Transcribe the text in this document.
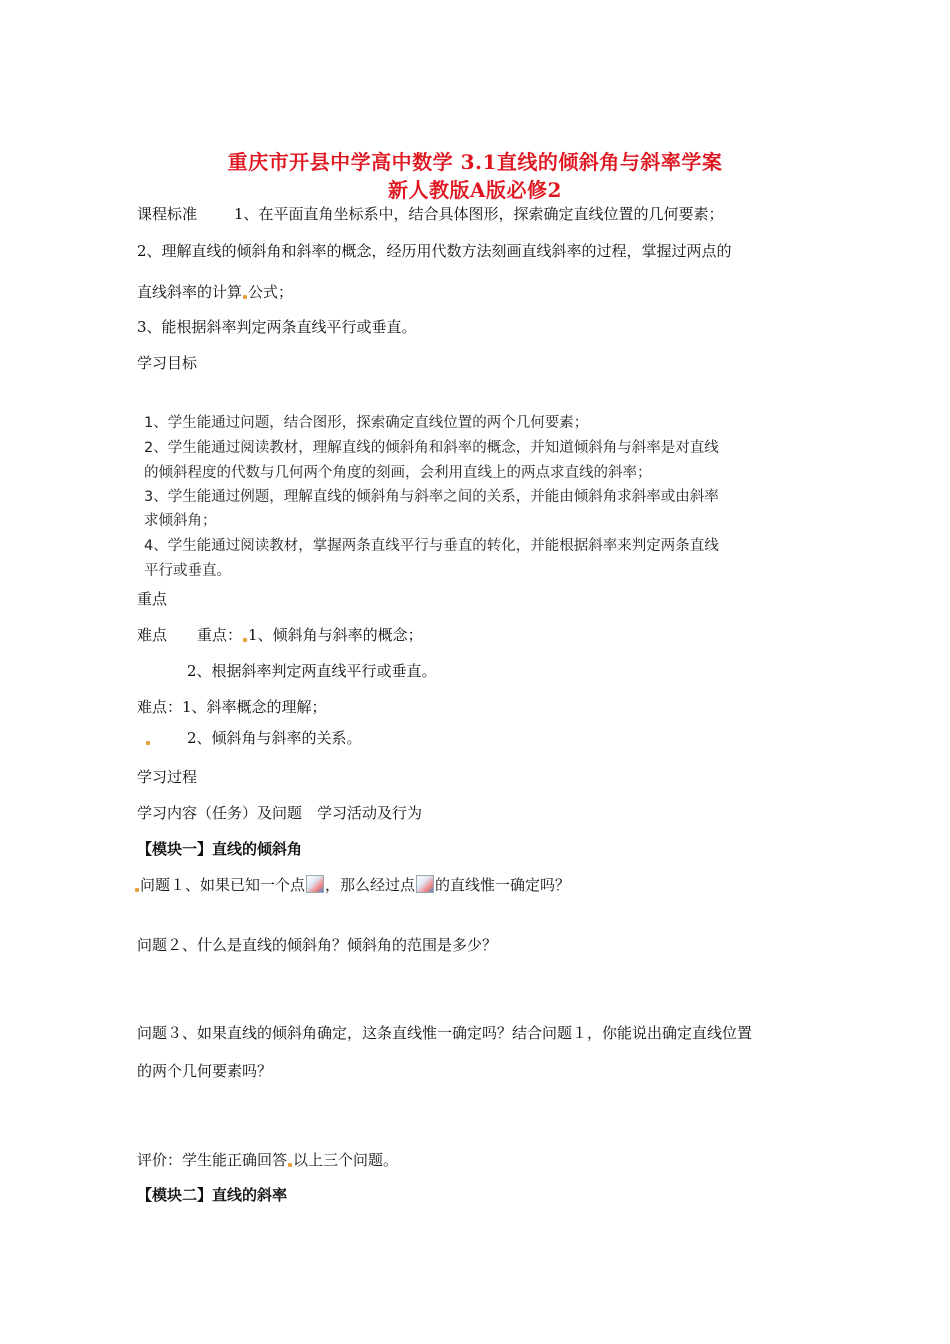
重庆市开县中学高中数学 3.1直线的倾斜角与斜率学案
新人教版A版必修2
课程标准 1、在平面直角坐标系中，结合具体图形，探索确定直线位置的几何要素；
2、理解直线的倾斜角和斜率的概念，经历用代数方法刻画直线斜率的过程，掌握过两点的
直线斜率的计算 公式；
3、能根据斜率判定两条直线平行或垂直。
学习目标
1、学生能通过问题，结合图形，探索确定直线位置的两个几何要素；
2、学生能通过阅读教材，理解直线的倾斜角和斜率的概念，并知道倾斜角与斜率是对直线
的倾斜程度的代数与几何两个角度的刻画，会利用直线上的两点求直线的斜率；
3、学生能通过例题，理解直线的倾斜角与斜率之间的关系，并能由倾斜角求斜率或由斜率
求倾斜角；
4、学生能通过阅读教材，掌握两条直线平行与垂直的转化，并能根据斜率来判定两条直线
平行或垂直。
重点
难点 重点： 1、倾斜角与斜率的概念；
2、根据斜率判定两直线平行或垂直。
难点：1、斜率概念的理解；
2、倾斜角与斜率的关系。
学习过程
学习内容（任务）及问题　学习活动及行为
【模块一】直线的倾斜角
问题１、如果已知一个点 ，那么经过点 的直线惟一确定吗？
问题２、什么是直线的倾斜角？倾斜角的范围是多少？
问题３、如果直线的倾斜角确定，这条直线惟一确定吗？结合问题１，你能说出确定直线位置
的两个几何要素吗？
评价：学生能正确回答 以上三个问题。
【模块二】直线的斜率
